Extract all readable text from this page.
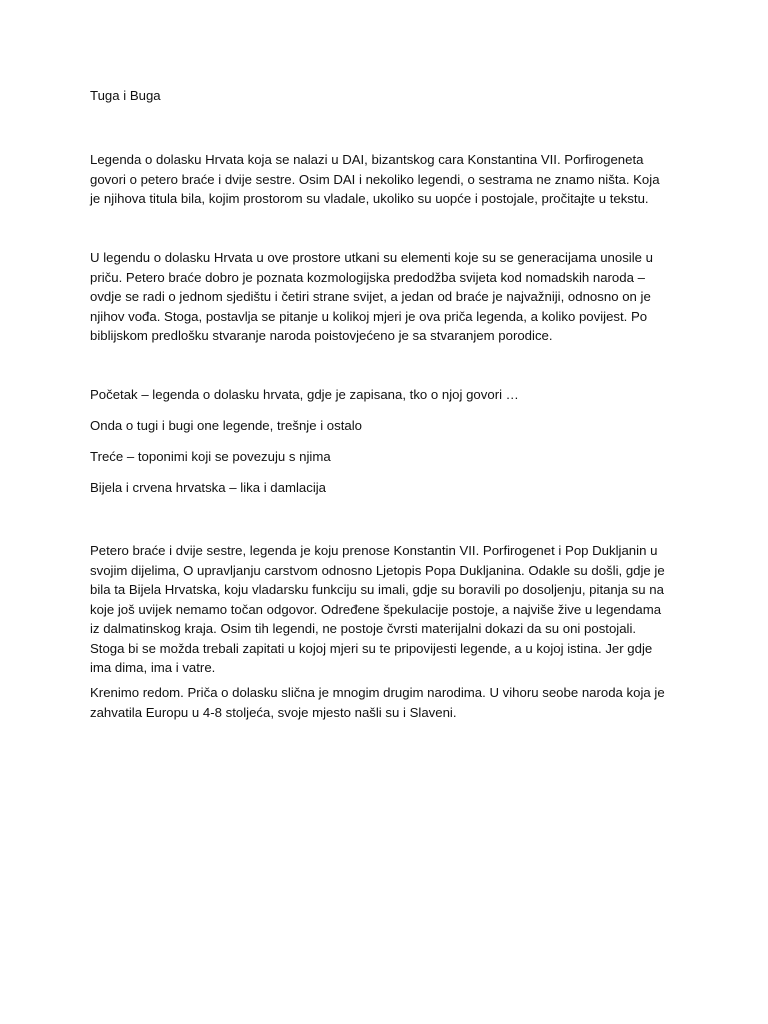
Tuga i Buga

Legenda o dolasku Hrvata koja se nalazi u DAI, bizantskog cara Konstantina VII. Porfirogeneta govori o petero braće i dvije sestre. Osim DAI i nekoliko legendi, o sestrama ne znamo ništa. Koja je njihova titula bila, kojim prostorom su vladale, ukoliko su uopće i postojale, pročitajte u tekstu.

U legendu o dolasku Hrvata u ove prostore utkani su elementi koje su se generacijama unosile u priču. Petero braće dobro je poznata kozmologijska predodžba svijeta kod nomadskih naroda – ovdje se radi o jednom sjedištu i četiri strane svijet, a jedan od braće je najvažniji, odnosno on je njihov vođa. Stoga, postavlja se pitanje u kolikoj mjeri je ova priča legenda, a koliko povijest. Po biblijskom predlošku stvaranje naroda poistovjećeno je sa stvaranjem porodice.

Početak – legenda o dolasku hrvata, gdje je zapisana, tko o njoj govori …

Onda o tugi i bugi one legende, trešnje i ostalo

Treće – toponimi koji se povezuju s njima

Bijela i crvena hrvatska – lika i damlacija

Petero braće i dvije sestre, legenda je koju prenose Konstantin VII. Porfirogenet i Pop Dukljanin u svojim dijelima, O upravljanju carstvom odnosno Ljetopis Popa Dukljanina. Odakle su došli, gdje je bila ta Bijela Hrvatska, koju vladarsku funkciju su imali, gdje su boravili po dosoljenju, pitanja su na koje još uvijek nemamo točan odgovor. Određene špekulacije postoje, a najviše žive u legendama iz dalmatinskog kraja. Osim tih legendi, ne postoje čvrsti materijalni dokazi da su oni postojali. Stoga bi se možda trebali zapitati u kojoj mjeri su te pripovijesti legende, a u kojoj istina. Jer gdje ima dima, ima i vatre.

Krenimo redom. Priča o dolasku slična je mnogim drugim narodima. U vihoru seobe naroda koja je zahvatila Europu u 4-8 stoljeća, svoje mjesto našli su i Slaveni.
